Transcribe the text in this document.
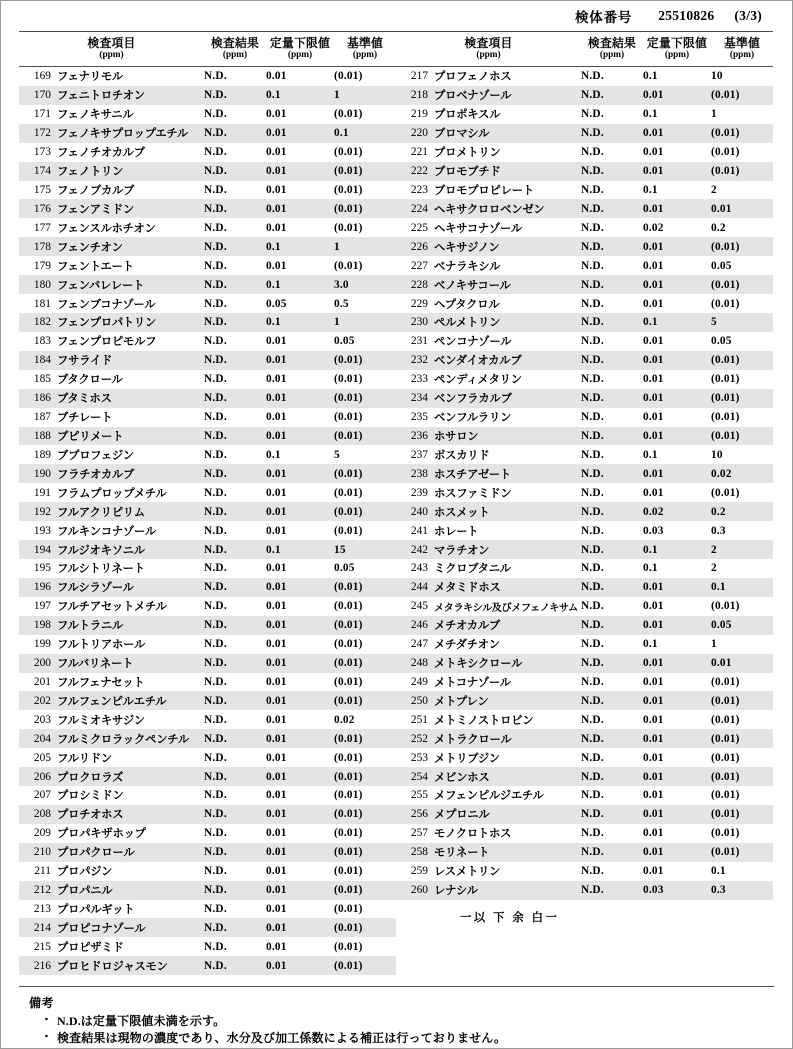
検体番号 25510826 (3/3)
検査項目
(ppm)	検査結果
(ppm)	定量下限値
(ppm)	基準値
(ppm)

169 フェナリモル	N.D.	0.01	(0.01)

170 フェニトロチオン	N.D.	0.1	1

171 フェノキサニル	N.D.	0.01	(0.01)

172 フェノキサプロップエチル	N.D.	0.01	0.1

173 フェノチオカルブ	N.D.	0.01	(0.01)

174 フェノトリン	N.D.	0.01	(0.01)

175 フェノブカルブ	N.D.	0.01	(0.01)

176 フェンアミドン	N.D.	0.01	(0.01)

177 フェンスルホチオン	N.D.	0.01	(0.01)

178 フェンチオン	N.D.	0.1	1

179 フェントエート	N.D.	0.01	(0.01)

180 フェンバレレート	N.D.	0.1	3.0

181 フェンブコナゾール	N.D.	0.05	0.5

182 フェンプロパトリン	N.D.	0.1	1

183 フェンプロピモルフ	N.D.	0.01	0.05

184 フサライド	N.D.	0.01	(0.01)

185 ブタクロール	N.D.	0.01	(0.01)

186 ブタミホス	N.D.	0.01	(0.01)

187 ブチレート	N.D.	0.01	(0.01)

188 ブピリメート	N.D.	0.01	(0.01)

189 ブプロフェジン	N.D.	0.1	5

190 フラチオカルブ	N.D.	0.01	(0.01)

191 フラムプロップメチル	N.D.	0.01	(0.01)

192 フルアクリピリム	N.D.	0.01	(0.01)

193 フルキンコナゾール	N.D.	0.01	(0.01)

194 フルジオキソニル	N.D.	0.1	15

195 フルシトリネート	N.D.	0.01	0.05

196 フルシラゾール	N.D.	0.01	(0.01)

197 フルチアセットメチル	N.D.	0.01	(0.01)

198 フルトラニル	N.D.	0.01	(0.01)

199 フルトリアホール	N.D.	0.01	(0.01)

200 フルバリネート	N.D.	0.01	(0.01)

201 フルフェナセット	N.D.	0.01	(0.01)

202 フルフェンピルエチル	N.D.	0.01	(0.01)

203 フルミオキサジン	N.D.	0.01	0.02

204 フルミクロラックペンチル	N.D.	0.01	(0.01)

205 フルリドン	N.D.	0.01	(0.01)

206 プロクロラズ	N.D.	0.01	(0.01)

207 プロシミドン	N.D.	0.01	(0.01)

208 プロチオホス	N.D.	0.01	(0.01)

209 プロパキザホップ	N.D.	0.01	(0.01)

210 プロパクロール	N.D.	0.01	(0.01)

211 プロパジン	N.D.	0.01	(0.01)

212 プロパニル	N.D.	0.01	(0.01)

213 プロパルギット	N.D.	0.01	(0.01)

214 プロピコナゾール	N.D.	0.01	(0.01)

215 プロピザミド	N.D.	0.01	(0.01)

216 プロヒドロジャスモン	N.D.	0.01	(0.01)
検査項目
(ppm)	検査結果
(ppm)	定量下限値
(ppm)	基準値
(ppm)

217 プロフェノホス	N.D.	0.1	10

218 プロベナゾール	N.D.	0.01	(0.01)

219 プロポキスル	N.D.	0.1	1

220 ブロマシル	N.D.	0.01	(0.01)

221 プロメトリン	N.D.	0.01	(0.01)

222 ブロモブチド	N.D.	0.01	(0.01)

223 ブロモプロピレート	N.D.	0.1	2

224 ヘキサクロロベンゼン	N.D.	0.01	0.01

225 ヘキサコナゾール	N.D.	0.02	0.2

226 ヘキサジノン	N.D.	0.01	(0.01)

227 ベナラキシル	N.D.	0.01	0.05

228 ベノキサコール	N.D.	0.01	(0.01)

229 ヘプタクロル	N.D.	0.01	(0.01)

230 ペルメトリン	N.D.	0.1	5

231 ペンコナゾール	N.D.	0.01	0.05

232 ベンダイオカルブ	N.D.	0.01	(0.01)

233 ペンディメタリン	N.D.	0.01	(0.01)

234 ベンフラカルブ	N.D.	0.01	(0.01)

235 ベンフルラリン	N.D.	0.01	(0.01)

236 ホサロン	N.D.	0.01	(0.01)

237 ボスカリド	N.D.	0.1	10

238 ホスチアゼート	N.D.	0.01	0.02

239 ホスファミドン	N.D.	0.01	(0.01)

240 ホスメット	N.D.	0.02	0.2

241 ホレート	N.D.	0.03	0.3

242 マラチオン	N.D.	0.1	2

243 ミクロブタニル	N.D.	0.1	2

244 メタミドホス	N.D.	0.01	0.1

245 メタラキシル及びメフェノキサム	N.D.	0.01	(0.01)

246 メチオカルブ	N.D.	0.01	0.05

247 メチダチオン	N.D.	0.1	1

248 メトキシクロール	N.D.	0.01	0.01

249 メトコナゾール	N.D.	0.01	(0.01)

250 メトプレン	N.D.	0.01	(0.01)

251 メトミノストロビン	N.D.	0.01	(0.01)

252 メトラクロール	N.D.	0.01	(0.01)

253 メトリブジン	N.D.	0.01	(0.01)

254 メビンホス	N.D.	0.01	(0.01)

255 メフェンピルジエチル	N.D.	0.01	(0.01)

256 メプロニル	N.D.	0.01	(0.01)

257 モノクロトホス	N.D.	0.01	(0.01)

258 モリネート	N.D.	0.01	(0.01)

259 レスメトリン	N.D.	0.01	0.1

260 レナシル	N.D.	0.03	0.3
一以 下 余 白一
備考
・ N.D.は定量下限値未満を示す。
・ 検査結果は現物の濃度であり、水分及び加工係数による補正は行っておりません。
